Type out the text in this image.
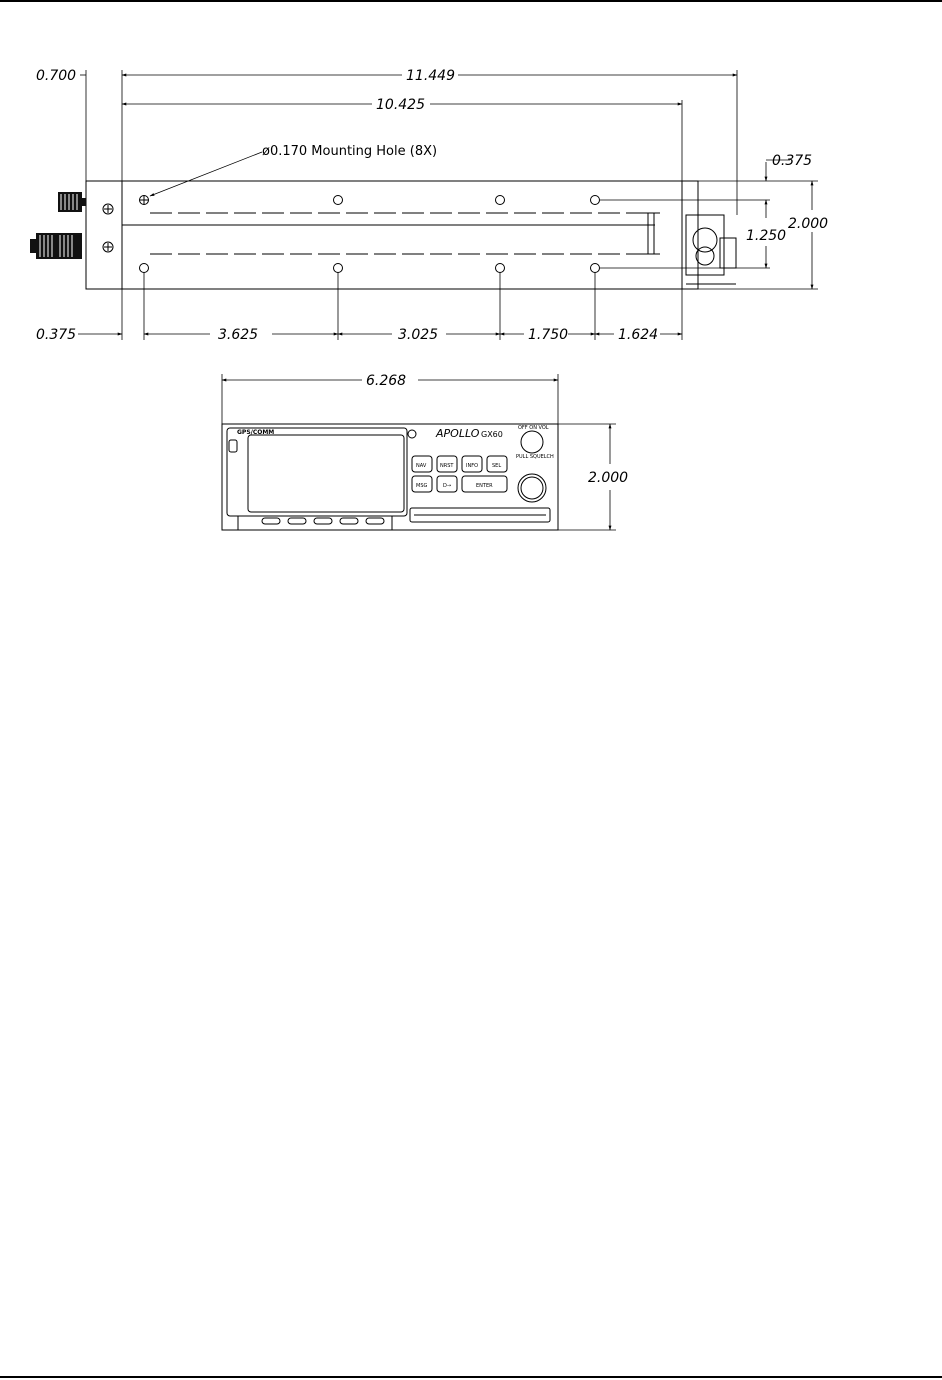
0.700	11.449
10.425
ø0.170 Mounting Hole (8X)
0.375
1.250
2.000
0.375	3.625	3.025	1.750	1.624
6.268
2.000
GPS/COMM	APOLLO GX60
OFF ON VOL
PULL SQUELCH
NAV	NRST	INFO	SEL
MSG	D→	ENTER
